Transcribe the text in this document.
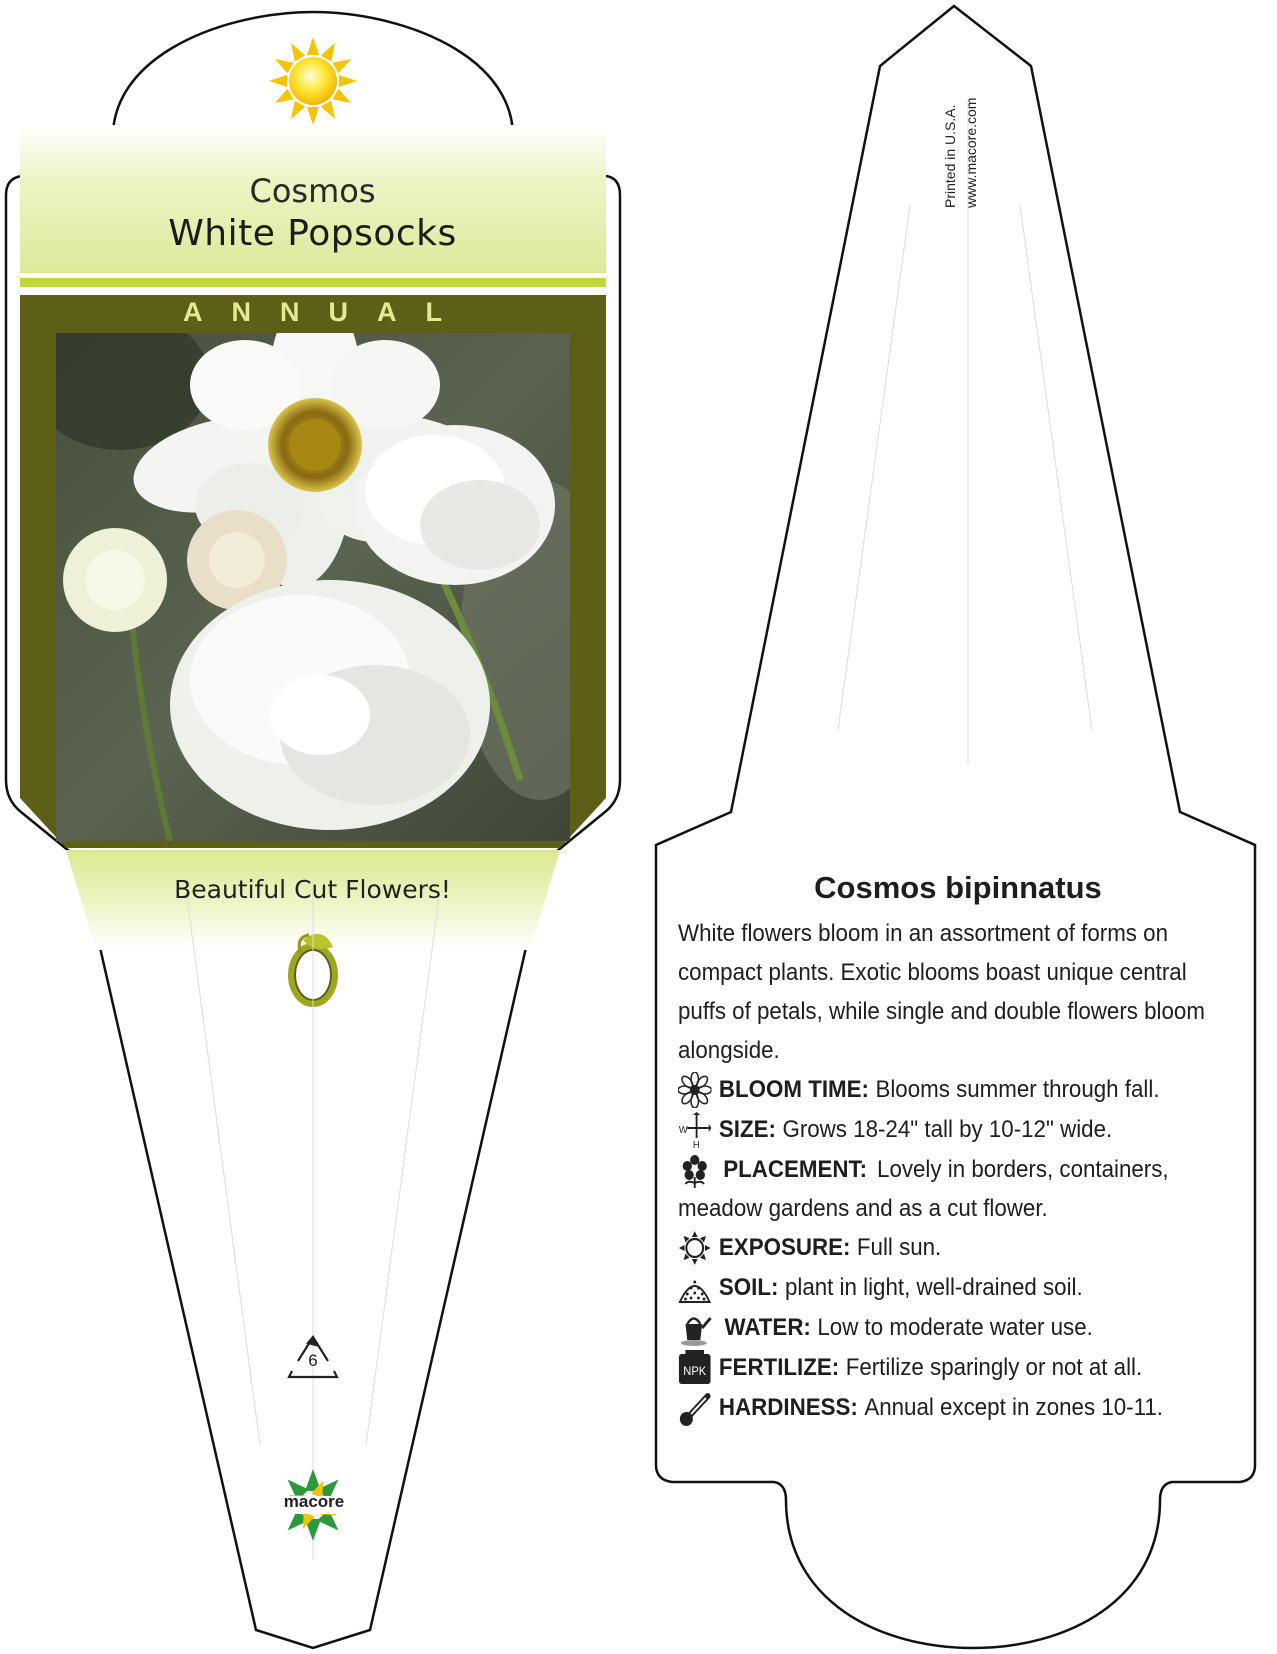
Cosmos
White Popsocks
ANNUAL
Beautiful Cut Flowers!
6
macore
Printed in U.S.A. www.macore.com
Cosmos bipinnatus

White flowers bloom in an assortment of forms on compact plants. Exotic blooms boast unique central puffs of petals, while single and double flowers bloom alongside.

BLOOM TIME: Blooms summer through fall.
W
H
SIZE: Grows 18-24" tall by 10-12" wide.
PLACEMENT: Lovely in borders, containers, meadow gardens and as a cut flower.
EXPOSURE: Full sun.
SOIL: plant in light, well-drained soil.
WATER: Low to moderate water use.
NPK FERTILIZE: Fertilize sparingly or not at all.
HARDINESS: Annual except in zones 10-11.
